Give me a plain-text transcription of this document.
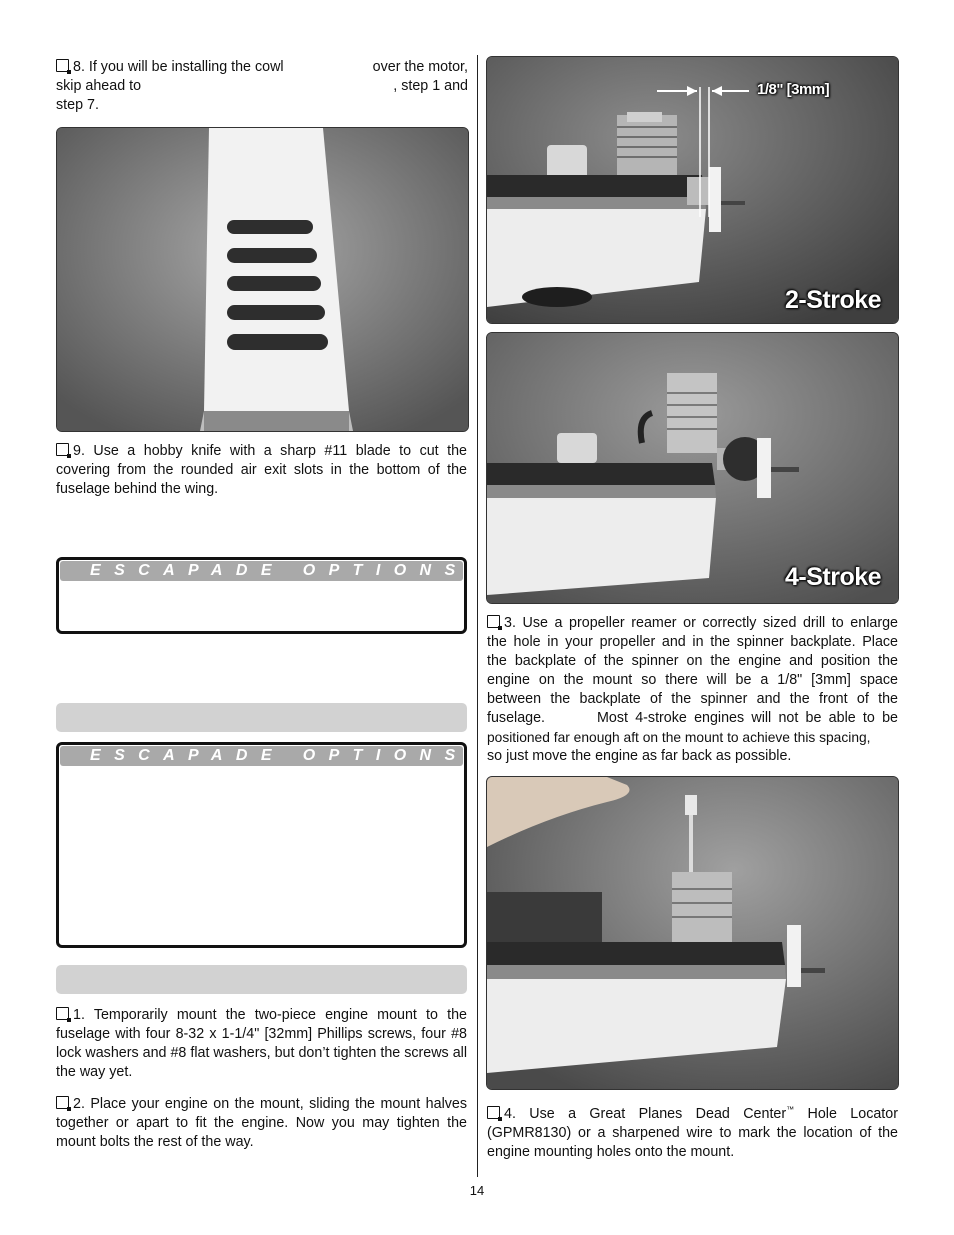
8. If you will be installing the cowl	over the motor,
skip ahead to	, step 1 and
step 7.

9. Use a hobby knife with a sharp #11 blade to cut the covering from the rounded air exit slots in the bottom of the fuselage behind the wing.

ESCAPADE OPTIONS
ESCAPADE OPTIONS

1. Temporarily mount the two-piece engine mount to the fuselage with four 8-32 x 1-1/4" [32mm] Phillips screws, four #8 lock washers and #8 flat washers, but don’t tighten the screws all the way yet.

2. Place your engine on the mount, sliding the mount halves together or apart to fit the engine. Now you may tighten the mount bolts the rest of the way.

1/8" [3mm]
2-Stroke
4-Stroke
3. Use a propeller reamer or correctly sized drill to enlarge
the hole in your propeller and in the spinner backplate. Place
the backplate of the spinner on the engine and position the
engine on the mount so there will be a 1/8" [3mm] space
between the backplate of the spinner and the front of the
fuselage.	Most 4-stroke engines will not be able to be
positioned far enough aft on the mount to achieve this spacing,
so just move the engine as far back as possible.

4. Use a Great Planes Dead Center™ Hole Locator (GPMR8130) or a sharpened wire to mark the location of the engine mounting holes onto the mount.

14
